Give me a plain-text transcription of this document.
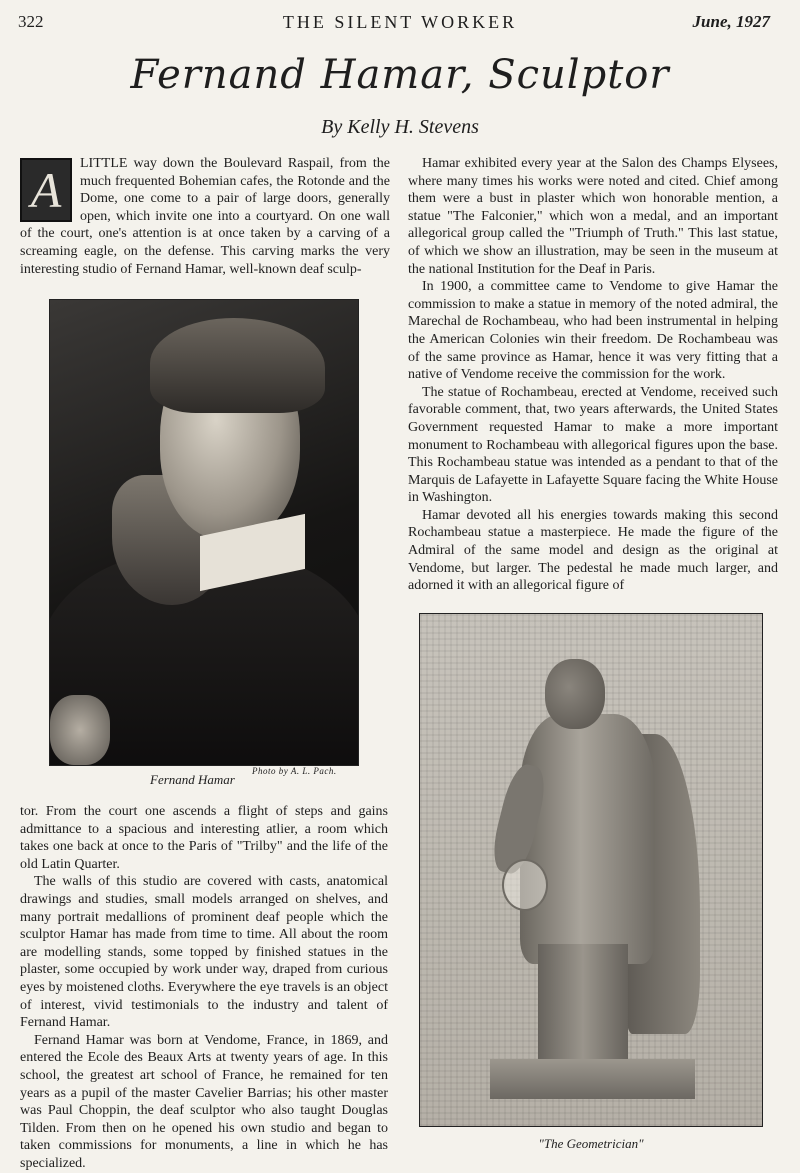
322	THE SILENT WORKER	June, 1927
Fernand Hamar, Sculptor
By Kelly H. Stevens
A	LITTLE way down the Boulevard Raspail, from the much frequented Bohemian cafes, the Rotonde and the Dome, one come to a pair of large doors, generally open, which invite one into a courtyard. On one wall of the court, one's attention is at once taken by a carving of a screaming eagle, on the defense. This carving marks the very interesting studio of Fernand Hamar, well-known deaf sculp-

Photo by A. L. Pach.
Fernand Hamar

tor. From the court one ascends a flight of steps and gains admittance to a spacious and interesting atlier, a room which takes one back at once to the Paris of "Trilby" and the life of the old Latin Quarter.

The walls of this studio are covered with casts, anatomical drawings and studies, small models arranged on shelves, and many portrait medallions of prominent deaf people which the sculptor Hamar has made from time to time. All about the room are modelling stands, some topped by finished statues in the plaster, some occupied by work under way, draped from curious eyes by moistened cloths. Everywhere the eye travels is an object of interest, vivid testimonials to the industry and talent of Fernand Hamar.

Fernand Hamar was born at Vendome, France, in 1869, and entered the Ecole des Beaux Arts at twenty years of age. In this school, the greatest art school of France, he remained for ten years as a pupil of the master Cavelier Barrias; his other master was Paul Choppin, the deaf sculptor who also taught Douglas Tilden. From then on he opened his own studio and began to taken commissions for monuments, a line in which he has specialized.

Hamar exhibited every year at the Salon des Champs Elysees, where many times his works were noted and cited. Chief among them were a bust in plaster which won honorable mention, a statue "The Falconier," which won a medal, and an important allegorical group called the "Triumph of Truth." This last statue, of which we show an illustration, may be seen in the museum at the national Institution for the Deaf in Paris.

In 1900, a committee came to Vendome to give Hamar the commission to make a statue in memory of the noted admiral, the Marechal de Rochambeau, who had been instrumental in helping the American Colonies win their freedom. De Rochambeau was of the same province as Hamar, hence it was very fitting that a native of Vendome receive the commission for the work.

The statue of Rochambeau, erected at Vendome, received such favorable comment, that, two years afterwards, the United States Government requested Hamar to make a more important monument to Rochambeau with allegorical figures upon the base. This Rochambeau statue was intended as a pendant to that of the Marquis de Lafayette in Lafayette Square facing the White House in Washington.

Hamar devoted all his energies towards making this second Rochambeau statue a masterpiece. He made the figure of the Admiral of the same model and design as the original at Vendome, but larger. The pedestal he made much larger, and adorned it with an allegorical figure of

"The Geometrician"
